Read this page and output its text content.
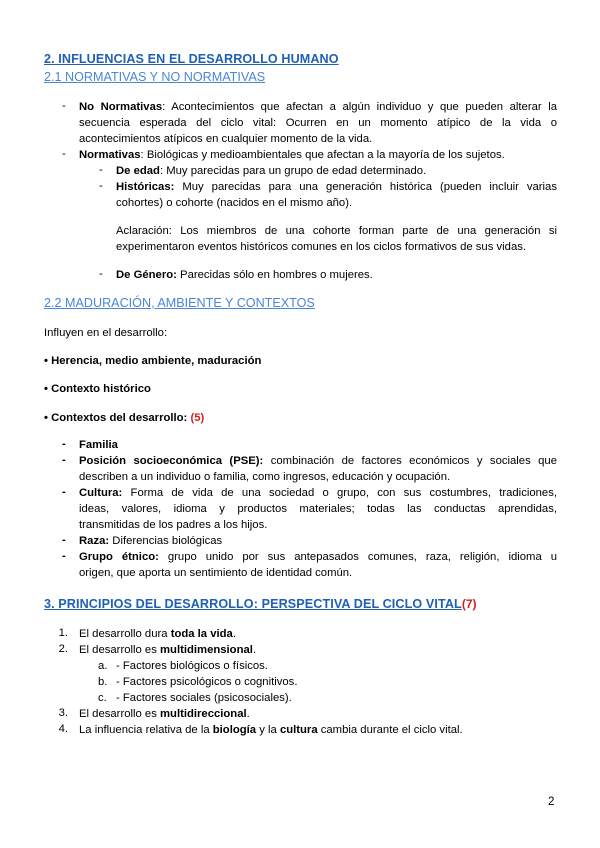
2. INFLUENCIAS EN EL DESARROLLO HUMANO
2.1 NORMATIVAS Y NO NORMATIVAS
-	No Normativas: Acontecimientos que afectan a algún individuo y que pueden alterar la
secuencia esperada del ciclo vital: Ocurren en un momento atípico de la vida o
acontecimientos atípicos en cualquier momento de la vida.
-	Normativas: Biológicas y medioambientales que afectan a la mayoría de los sujetos.
-	De edad: Muy parecidas para un grupo de edad determinado.
-	Históricas: Muy parecidas para una generación histórica (pueden incluir varias
cohortes) o cohorte (nacidos en el mismo año).
Aclaración: Los miembros de una cohorte forman parte de una generación si
experimentaron eventos históricos comunes en los ciclos formativos de sus vidas.
-	De Género: Parecidas sólo en hombres o mujeres.
2.2 MADURACIÓN, AMBIENTE Y CONTEXTOS
Influyen en el desarrollo:
• Herencia, medio ambiente, maduración
• Contexto histórico
• Contextos del desarrollo: (5)
-	Familia
-	Posición socioeconómica (PSE): combinación de factores económicos y sociales que
describen a un individuo o familia, como ingresos, educación y ocupación.
-	Cultura: Forma de vida de una sociedad o grupo, con sus costumbres, tradiciones,
ideas, valores, idioma y productos materiales; todas las conductas aprendidas,
transmitidas de los padres a los hijos.
-	Raza: Diferencias biológicas
-	Grupo étnico: grupo unido por sus antepasados comunes, raza, religión, idioma u
origen, que aporta un sentimiento de identidad común.
3. PRINCIPIOS DEL DESARROLLO: PERSPECTIVA DEL CICLO VITAL(7)
1. El desarrollo dura toda la vida.
2. El desarrollo es multidimensional.
a. - Factores biológicos o físicos.
b. - Factores psicológicos o cognitivos.
c. - Factores sociales (psicosociales).
3. El desarrollo es multidireccional.
4. La influencia relativa de la biología y la cultura cambia durante el ciclo vital.
2
